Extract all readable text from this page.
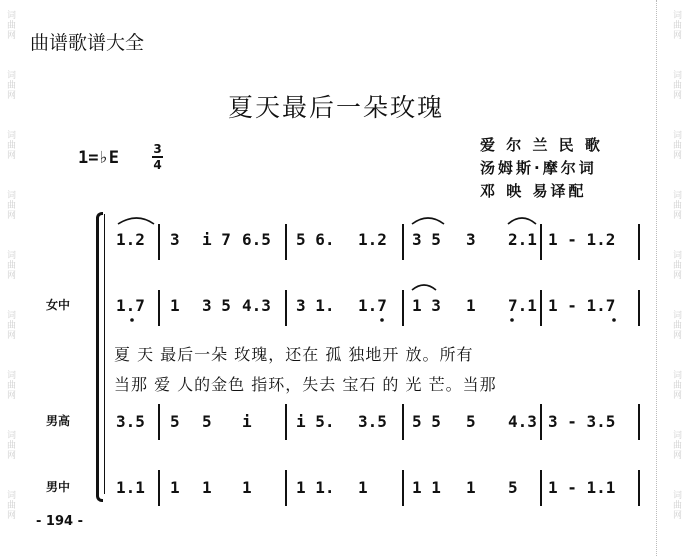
词曲网
词曲网
词曲网
词曲网
词曲网
词曲网
词曲网
词曲网
词曲网
词曲网
词曲网
词曲网
词曲网
词曲网
词曲网
词曲网
词曲网
词曲网
曲谱歌谱大全
夏天最后一朵玫瑰
1=♭E	3
4
爱 尔 兰 民 歌
汤姆斯·摩尔词
邓 映 易译配
女中
男高
男中
1.2 3 i 7 6.5 5 6. 1.2 3 5 3 2.1 1 - 1.2
1.7 1 3 5 4.3 3 1. 1.7 1 3 1 7.1 1 - 1.7
夏 天 最后一朵 玫瑰，还在 孤 独地开 放。所有
当那 爱 人的金色 指环，失去 宝石 的 光 芒。当那
3.5 5 5 i	i 5. 3.5 5 5 5 4.3 3 - 3.5
1.1 1 1 1	1 1. 1	1 1 1 5 1 - 1.1
- 194 -
